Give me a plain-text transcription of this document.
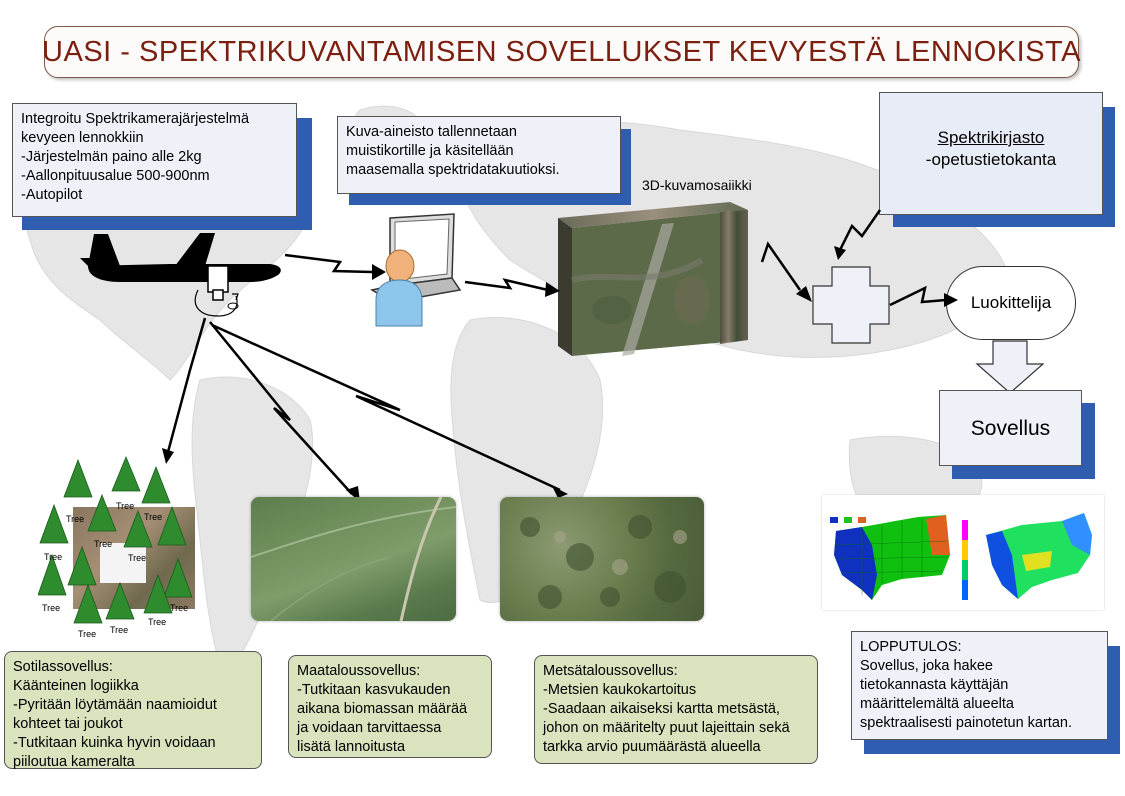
UASI - SPEKTRIKUVANTAMISEN SOVELLUKSET KEVYESTÄ LENNOKISTA
Integroitu Spektrikamerajärjestelmä
kevyeen lennokkiin
-Järjestelmän paino alle 2kg
-Aallonpituusalue 500-900nm
-Autopilot
Kuva-aineisto tallennetaan
muistikortille ja käsitellään
maasemalla spektridatakuutioksi.
Spektrikirjasto
-opetustietokanta
3D-kuvamosaiikki
Luokittelija
Sovellus
Tree
Tree
Tree
Tree
Tree
Tree
Tree	Tree
Tree Tree
Tree
Sotilassovellus:
Käänteinen logiikka
-Pyritään löytämään naamioidut
kohteet tai joukot
-Tutkitaan kuinka hyvin voidaan
piiloutua kameralta
Maataloussovellus:
-Tutkitaan kasvukauden
aikana biomassan määrää
ja voidaan tarvittaessa
lisätä lannoitusta
Metsätaloussovellus:
-Metsien kaukokartoitus
-Saadaan aikaiseksi kartta metsästä,
johon on määritelty puut lajeittain sekä
tarkka arvio puumäärästä alueella
LOPPUTULOS:
Sovellus, joka hakee
tietokannasta käyttäjän
määrittelemältä alueelta
spektraalisesti painotetun kartan.
